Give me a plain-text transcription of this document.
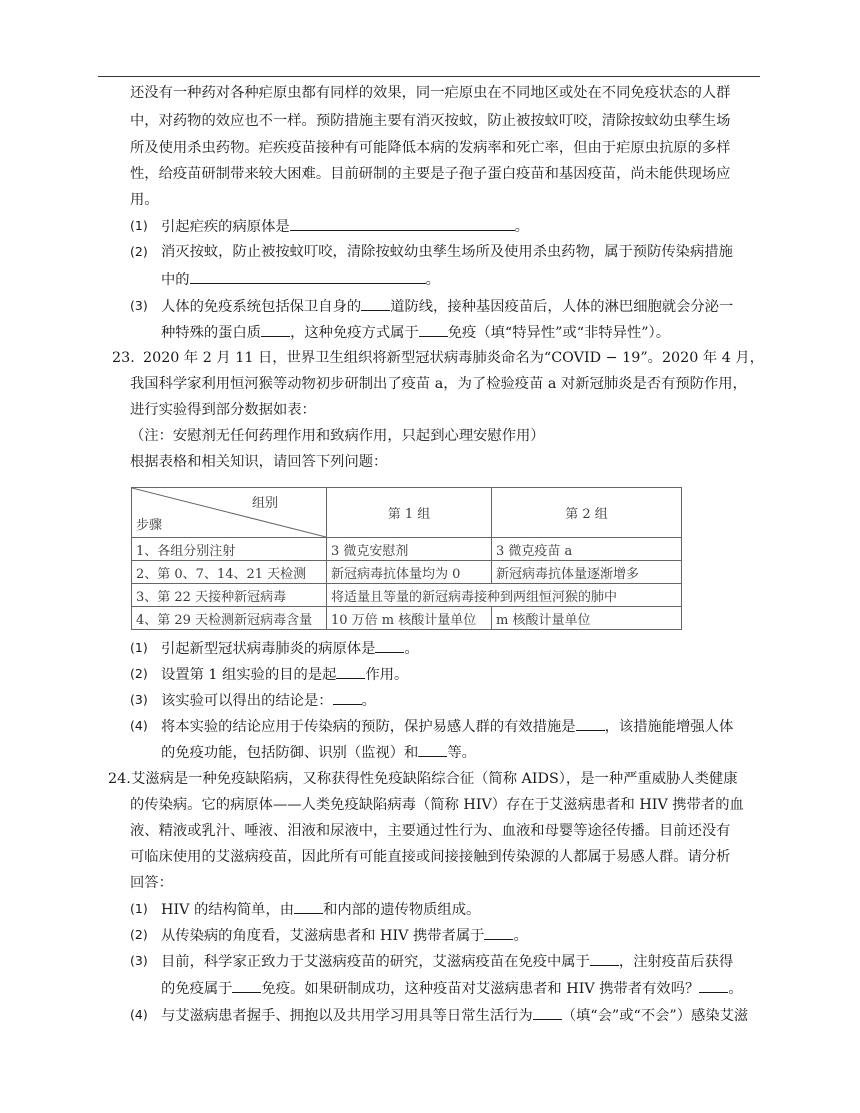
还没有一种药对各种疟原虫都有同样的效果，同一疟原虫在不同地区或处在不同免疫状态的人群
中，对药物的效应也不一样。预防措施主要有消灭按蚊，防止被按蚊叮咬，清除按蚊幼虫孳生场
所及使用杀虫药物。疟疾疫苗接种有可能降低本病的发病率和死亡率，但由于疟原虫抗原的多样
性，给疫苗研制带来较大困难。目前研制的主要是子孢子蛋白疫苗和基因疫苗，尚未能供现场应
用。
(1) 引起疟疾的病原体是	。
(2) 消灭按蚊，防止被按蚊叮咬，清除按蚊幼虫孳生场所及使用杀虫药物，属于预防传染病措施
中的	。
(3) 人体的免疫系统包括保卫自身的 道防线，接种基因疫苗后，人体的淋巴细胞就会分泌一
种特殊的蛋白质 ，这种免疫方式属于 免疫（填“特异性”或“非特异性”）。
23. 2020 年 2 月 11 日，世界卫生组织将新型冠状病毒肺炎命名为“COVID − 19”。2020 年 4 月，
我国科学家利用恒河猴等动物初步研制出了疫苗 a，为了检验疫苗 a 对新冠肺炎是否有预防作用，
进行实验得到部分数据如表：
（注：安慰剂无任何药理作用和致病作用，只起到心理安慰作用）
根据表格和相关知识，请回答下列问题：
组别
步骤	第 1 组	第 2 组
1、各组分别注射	3 微克安慰剂	3 微克疫苗 a
2、第 0、7、14、21 天检测	新冠病毒抗体量均为 0	新冠病毒抗体量逐渐增多
3、第 22 天接种新冠病毒	将适量且等量的新冠病毒接种到两组恒河猴的肺中	
4、第 29 天检测新冠病毒含量	10 万倍 m 核酸计量单位	m 核酸计量单位
(1) 引起新型冠状病毒肺炎的病原体是 。
(2) 设置第 1 组实验的目的是起 作用。
(3) 该实验可以得出的结论是： 。
(4) 将本实验的结论应用于传染病的预防，保护易感人群的有效措施是 ，该措施能增强人体
的免疫功能，包括防御、识别（监视）和 等。
24. 艾滋病是一种免疫缺陷病，又称获得性免疫缺陷综合征（简称 AIDS），是一种严重威胁人类健康
的传染病。它的病原体——人类免疫缺陷病毒（简称 HIV）存在于艾滋病患者和 HIV 携带者的血
液、精液或乳汁、唾液、泪液和尿液中，主要通过性行为、血液和母婴等途径传播。目前还没有
可临床使用的艾滋病疫苗，因此所有可能直接或间接接触到传染源的人都属于易感人群。请分析
回答：
(1) HIV 的结构简单，由 和内部的遗传物质组成。
(2) 从传染病的角度看，艾滋病患者和 HIV 携带者属于 。
(3) 目前，科学家正致力于艾滋病疫苗的研究，艾滋病疫苗在免疫中属于 ，注射疫苗后获得
的免疫属于 免疫。如果研制成功，这种疫苗对艾滋病患者和 HIV 携带者有效吗？ 。
(4) 与艾滋病患者握手、拥抱以及共用学习用具等日常生活行为 （填“会”或“不会”）感染艾滋
